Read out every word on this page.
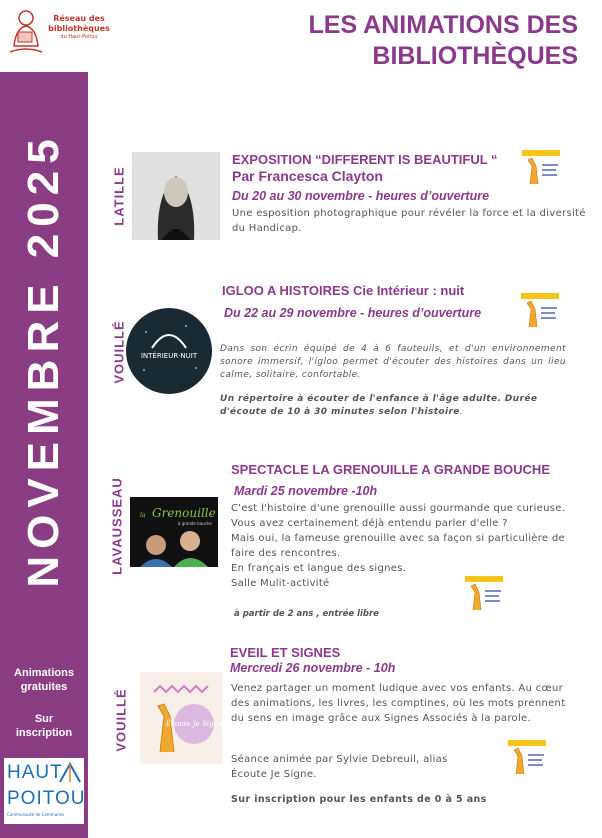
Réseau des bibliothèques
du Haut-Poitou	LES ANIMATIONS DES
BIBLIOTHÈQUES
NOVEMBRE 2025
Animations
gratuites
Sur
inscription
HAUT
POITOU
Communauté de Communes
LATILLE
EXPOSITION “DIFFERENT IS BEAUTIFUL “
Par Francesca Clayton
Du 20 au 30 novembre - heures d’ouverture
Une esposition photographique pour révéler la force et la diversité du Handicap.
VOUILLÉ INTÉRIEUR·NUIT
IGLOO A HISTOIRES Cie Intérieur : nuit
Du 22 au 29 novembre - heures d’ouverture
Dans son écrin équipé de 4 à 6 fauteuils, et d'un environnement sonore immersif, l'igloo permet d'écouter des histoires dans un lieu calme, solitaire, confortable.
Un répertoire à écouter de l'enfance à l'âge adulte. Durée d'écoute de 10 à 30 minutes selon l'histoire.
LAVAUSSEAU	la Grenouille
à grande bouche
SPECTACLE LA GRENOUILLE A GRANDE BOUCHE
Mardi 25 novembre -10h
C'est l'histoire d'une grenouille aussi gourmande que curieuse.
Vous avez certainement déjà entendu parler d'elle ?
Mais oui, la fameuse grenouille avec sa façon si particulière de faire des rencontres.
En français et langue des signes.
Salle Mulit-activité
à partir de 2 ans , entrée libre
VOUILLÉ	Écoute Je Signe
EVEIL ET SIGNES
Mercredi 26 novembre - 10h
Venez partager un moment ludique avec vos enfants. Au cœur des animations, les livres, les comptines, où les mots prennent du sens en image grâce aux Signes Associés à la parole.
Séance animée par Sylvie Debreuil, alias Écoute Je Signe.
Sur inscription pour les enfants de 0 à 5 ans
